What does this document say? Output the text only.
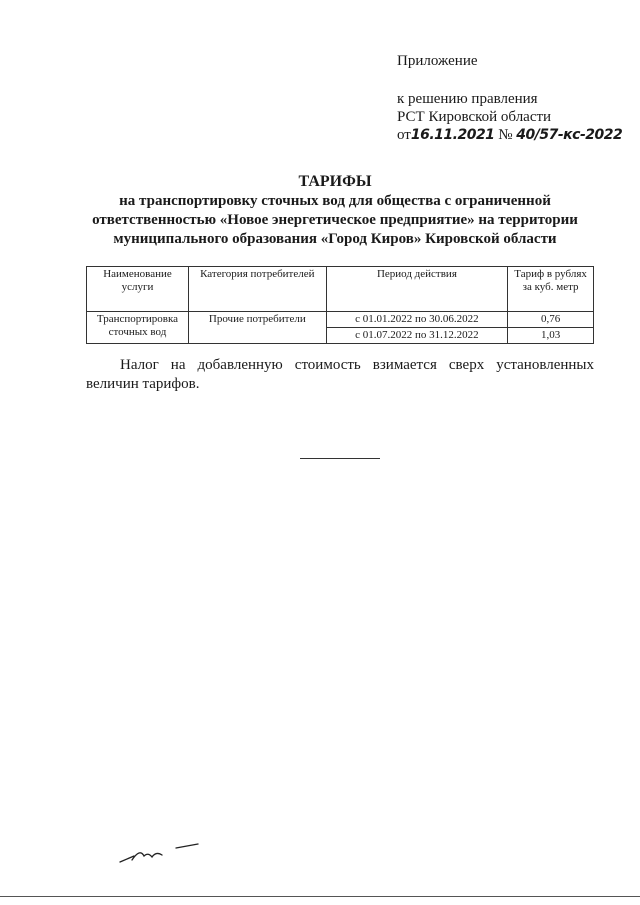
Приложение
к решению правления
РСТ Кировской области
от16.11.2021 № 40/57-кс-2022
ТАРИФЫ
на транспортировку сточных вод для общества с ограниченной ответственностью «Новое энергетическое предприятие» на территории муниципального образования «Город Киров» Кировской области
Наименование услуги	Категория потребителей	Период действия	Тариф в рублях за куб. метр
Транспортировка сточных вод	Прочие потребители	с 01.01.2022 по 30.06.2022	0,76
		с 01.07.2022 по 31.12.2022	1,03
Налог на добавленную стоимость взимается сверх установленных величин тарифов.
